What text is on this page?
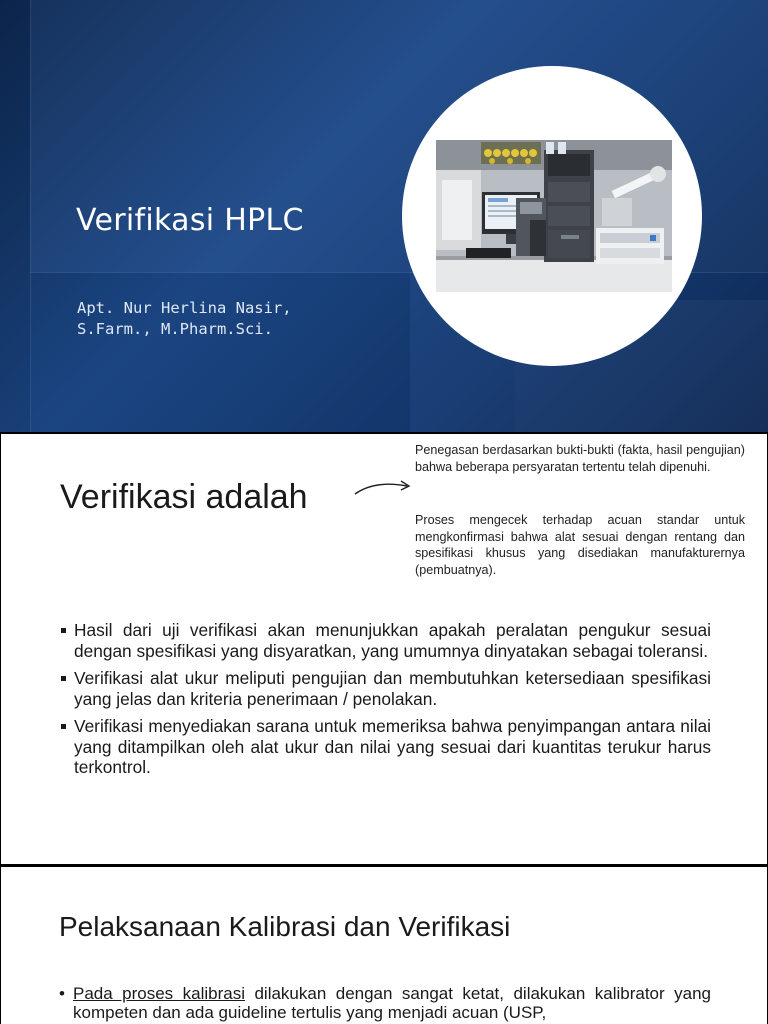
Verifikasi HPLC
Apt. Nur Herlina Nasir,
S.Farm., M.Pharm.Sci.
Verifikasi adalah
Penegasan berdasarkan bukti-bukti (fakta, hasil pengujian) bahwa beberapa persyaratan tertentu telah dipenuhi.
Proses mengecek terhadap acuan standar untuk mengkonfirmasi bahwa alat sesuai dengan rentang dan spesifikasi khusus yang disediakan manufakturernya (pembuatnya).
Hasil dari uji verifikasi akan menunjukkan apakah peralatan pengukur sesuai dengan spesifikasi yang disyaratkan, yang umumnya dinyatakan sebagai toleransi.
Verifikasi alat ukur meliputi pengujian dan membutuhkan ketersediaan spesifikasi yang jelas dan kriteria penerimaan / penolakan.
Verifikasi menyediakan sarana untuk memeriksa bahwa penyimpangan antara nilai yang ditampilkan oleh alat ukur dan nilai yang sesuai dari kuantitas terukur harus terkontrol.
Pelaksanaan Kalibrasi dan Verifikasi
• Pada proses kalibrasi dilakukan dengan sangat ketat, dilakukan kalibrator yang kompeten dan ada guideline tertulis yang menjadi acuan (USP,
